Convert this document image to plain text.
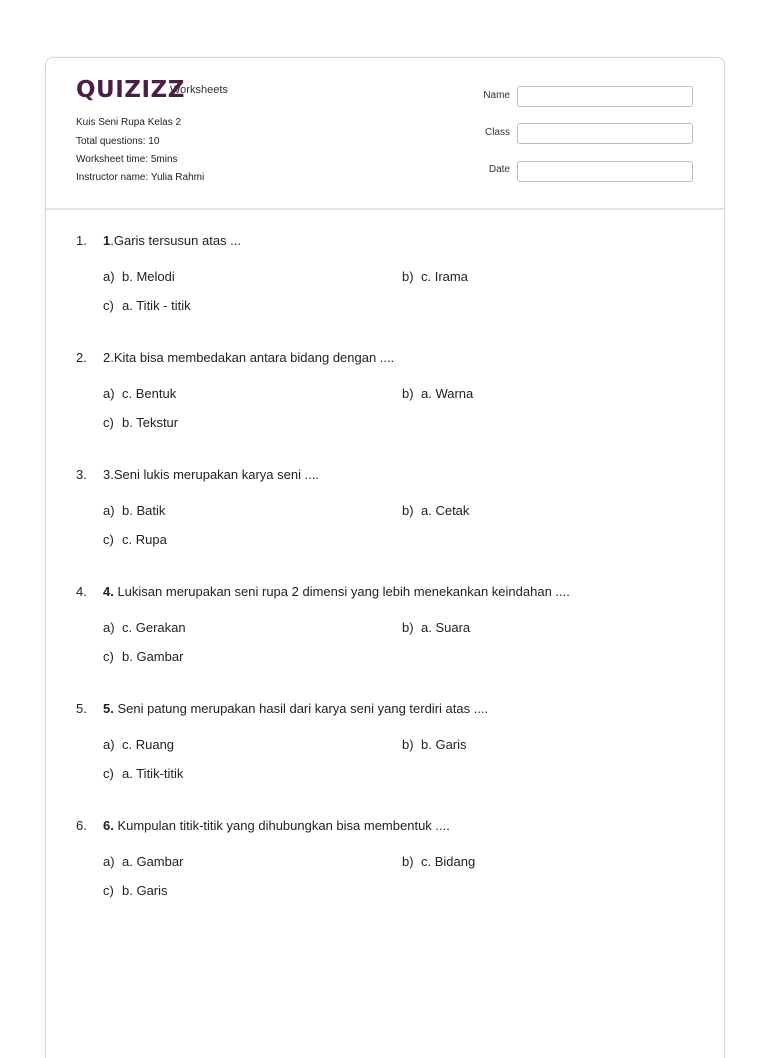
QUIZIZZ
Worksheets
Kuis Seni Rupa Kelas 2
Total questions: 10
Worksheet time: 5mins
Instructor name: Yulia Rahmi
Name
Class
Date
1. 1.Garis tersusun atas ...
a) b. Melodi	b) c. Irama
c) a. Titik - titik
2. 2.Kita bisa membedakan antara bidang dengan ....
a) c. Bentuk	b) a. Warna
c) b. Tekstur
3. 3.Seni lukis merupakan karya seni ....
a) b. Batik	b) a. Cetak
c) c. Rupa
4. 4. Lukisan merupakan seni rupa 2 dimensi yang lebih menekankan keindahan ....
a) c. Gerakan	b) a. Suara
c) b. Gambar
5. 5. Seni patung merupakan hasil dari karya seni yang terdiri atas ....
a) c. Ruang	b) b. Garis
c) a. Titik-titik
6. 6. Kumpulan titik-titik yang dihubungkan bisa membentuk ....
a) a. Gambar	b) c. Bidang
c) b. Garis
